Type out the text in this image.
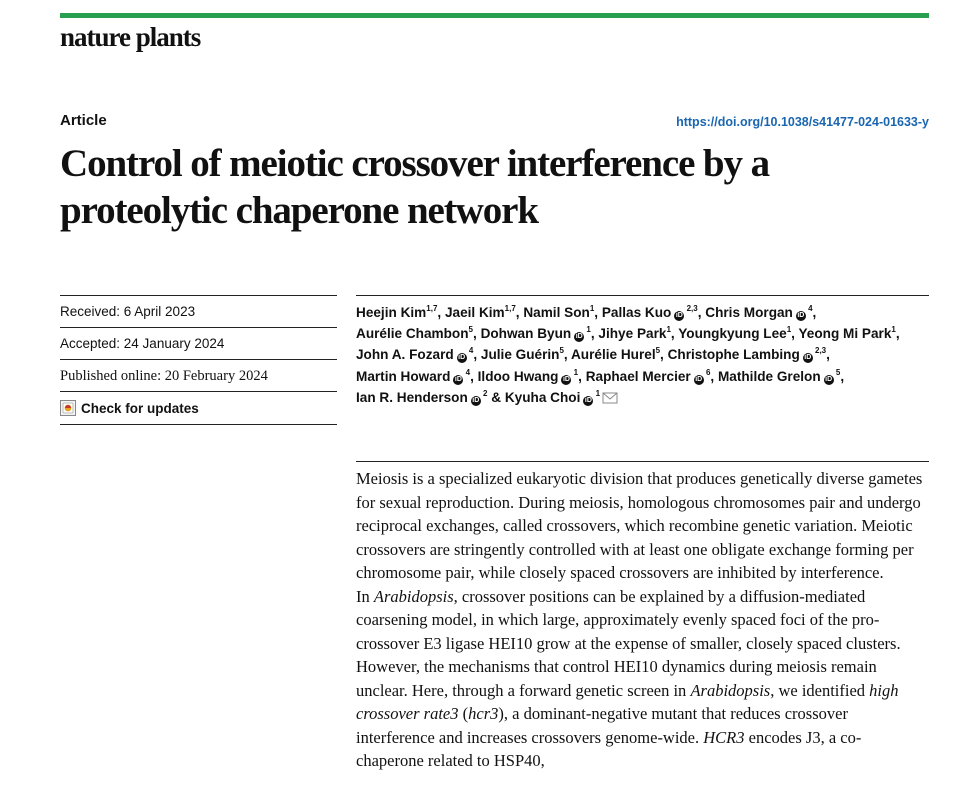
nature plants
Article	https://doi.org/10.1038/s41477-024-01633-y
Control of meiotic crossover interference by a proteolytic chaperone network
Received: 6 April 2023
Accepted: 24 January 2024
Published online: 20 February 2024
Check for updates
Heejin Kim$^{1,7}$, Jaeil Kim$^{1,7}$, Namil Son$^1$, Pallas Kuo iD $^{2,3}$, Chris Morgan iD $^4$, Aurélie Chambon$^5$, Dohwan Byun iD $^1$, Jihye Park$^1$, Youngkyung Lee$^1$, Yeong Mi Park$^1$, John A. Fozard iD $^4$, Julie Guérin$^5$, Aurélie Hurel$^5$, Christophe Lambing iD $^{2,3}$, Martin Howard iD $^4$, Ildoo Hwang iD $^1$, Raphael Mercier iD $^6$, Mathilde Grelon iD $^5$, Ian R. Henderson iD $^2$ & Kyuha Choi iD $^1$

Meiosis is a specialized eukaryotic division that produces genetically diverse gametes for sexual reproduction. During meiosis, homologous chromosomes pair and undergo reciprocal exchanges, called crossovers, which recombine genetic variation. Meiotic crossovers are stringently controlled with at least one obligate exchange forming per chromosome pair, while closely spaced crossovers are inhibited by interference.

In Arabidopsis, crossover positions can be explained by a diffusion-mediated coarsening model, in which large, approximately evenly spaced foci of the pro-crossover E3 ligase HEI10 grow at the expense of smaller, closely spaced clusters. However, the mechanisms that control HEI10 dynamics during meiosis remain unclear. Here, through a forward genetic screen in Arabidopsis, we identified high crossover rate3 (hcr3), a dominant-negative mutant that reduces crossover interference and increases crossovers genome-wide. HCR3 encodes J3, a co-chaperone related to HSP40,
